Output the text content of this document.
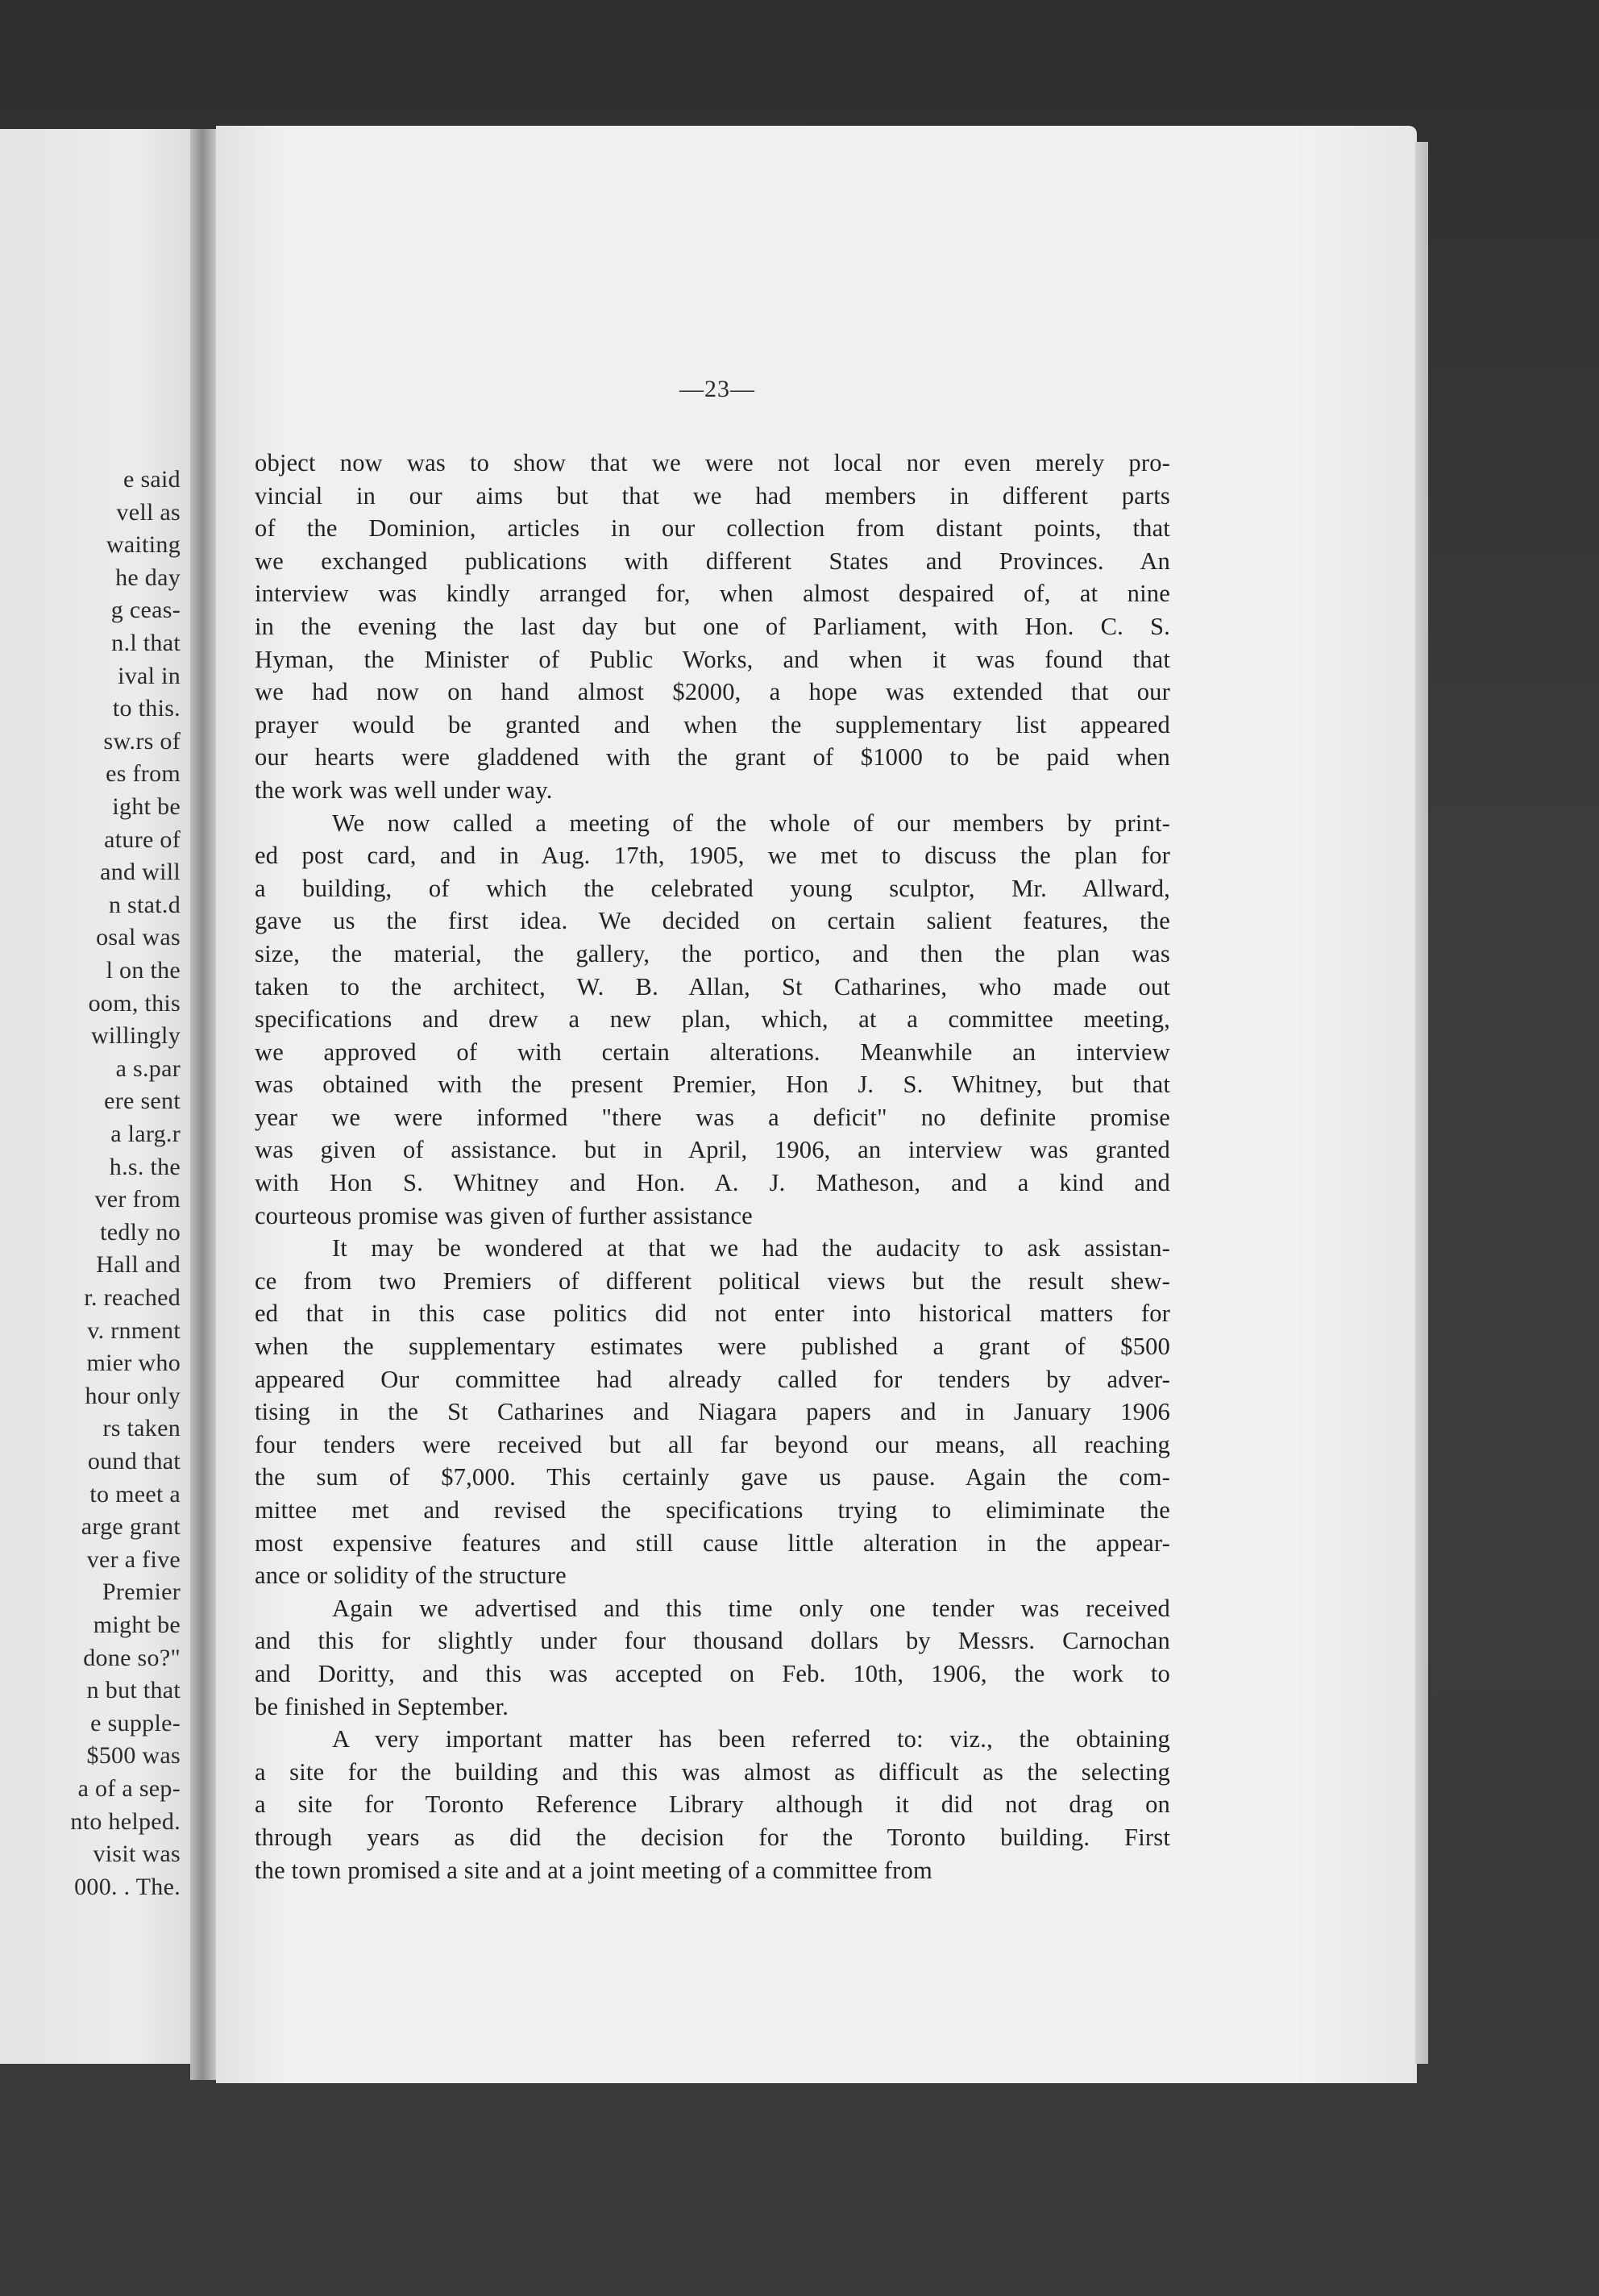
e said
vell as
waiting
he day
g ceas-
n.l that
ival in
to this.
sw.rs of
es from
ight be
ature of
and will
n stat.d
osal was
l on the
oom, this
willingly
a s.par
ere sent
a larg.r
h.s. the
ver from
tedly no
Hall and
r. reached
v. rnment
mier who
hour only
rs taken
ound that
to meet a
arge grant
ver a five
Premier
might be
done so?"
n but that
e supple-
$500 was
a of a sep-
nto helped.
visit was
000. . The.
—23—
object now was to show that we were not local nor even merely pro-
vincial in our aims but that we had members in different parts
of the Dominion, articles in our collection from distant points, that
we exchanged publications with different States and Provinces. An
interview was kindly arranged for, when almost despaired of, at nine
in the evening the last day but one of Parliament, with Hon. C. S.
Hyman, the Minister of Public Works, and when it was found that
we had now on hand almost $2000, a hope was extended that our
prayer would be granted and when the supplementary list appeared
our hearts were gladdened with the grant of $1000 to be paid when
the work was well under way.
We now called a meeting of the whole of our members by print-
ed post card, and in Aug. 17th, 1905, we met to discuss the plan for
a building, of which the celebrated young sculptor, Mr. Allward,
gave us the first idea. We decided on certain salient features, the
size, the material, the gallery, the portico, and then the plan was
taken to the architect, W. B. Allan, St Catharines, who made out
specifications and drew a new plan, which, at a committee meeting,
we approved of with certain alterations. Meanwhile an interview
was obtained with the present Premier, Hon J. S. Whitney, but that
year we were informed "there was a deficit" no definite promise
was given of assistance. but in April, 1906, an interview was granted
with Hon S. Whitney and Hon. A. J. Matheson, and a kind and
courteous promise was given of further assistance
It may be wondered at that we had the audacity to ask assistan-
ce from two Premiers of different political views but the result shew-
ed that in this case politics did not enter into historical matters for
when the supplementary estimates were published a grant of $500
appeared Our committee had already called for tenders by adver-
tising in the St Catharines and Niagara papers and in January 1906
four tenders were received but all far beyond our means, all reaching
the sum of $7,000. This certainly gave us pause. Again the com-
mittee met and revised the specifications trying to elimiminate the
most expensive features and still cause little alteration in the appear-
ance or solidity of the structure
Again we advertised and this time only one tender was received
and this for slightly under four thousand dollars by Messrs. Carnochan
and Doritty, and this was accepted on Feb. 10th, 1906, the work to
be finished in September.
A very important matter has been referred to: viz., the obtaining
a site for the building and this was almost as difficult as the selecting
a site for Toronto Reference Library although it did not drag on
through years as did the decision for the Toronto building. First
the town promised a site and at a joint meeting of a committee from
